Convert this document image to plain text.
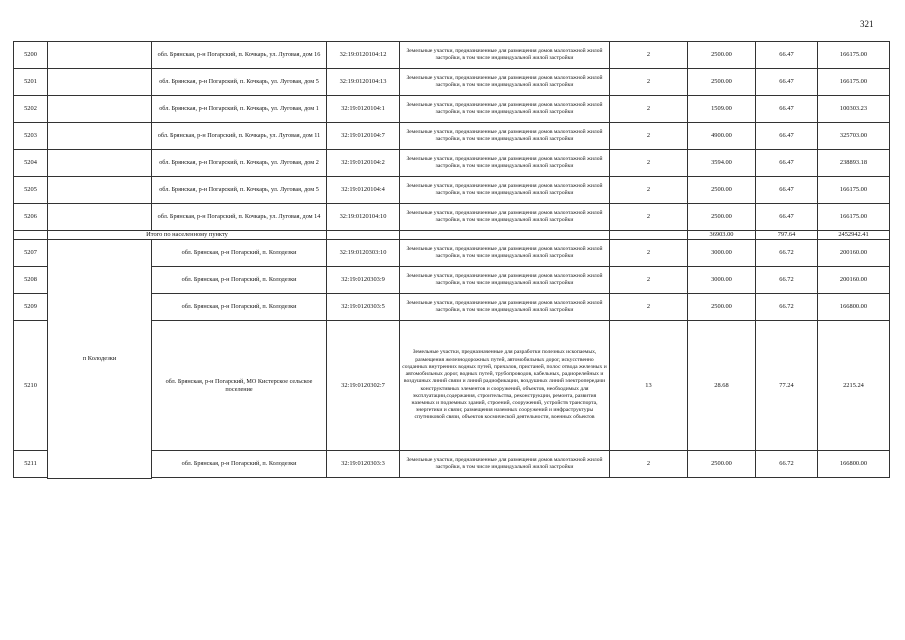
321
5200		обл. Брянская, р-н Погарский, п. Кочкарь, ул. Луговая, дом 16	32:19:0120104:12	Земельные участки, предназначенные для размещения домов малоэтажной жилой застройки, в том числе индивидуальной жилой застройки	2	2500.00	66.47	166175.00
5201		обл. Брянская, р-н Погарский, п. Кочкарь, ул. Луговая, дом 5	32:19:0120104:13	Земельные участки, предназначенные для размещения домов малоэтажной жилой застройки, в том числе индивидуальной жилой застройки	2	2500.00	66.47	166175.00
5202		обл. Брянская, р-н Погарский, п. Кочкарь, ул. Луговая, дом 1	32:19:0120104:1	Земельные участки, предназначенные для размещения домов малоэтажной жилой застройки, в том числе индивидуальной жилой застройки	2	1509.00	66.47	100303.23
5203		обл. Брянская, р-н Погарский, п. Кочкарь, ул. Луговая, дом 11	32:19:0120104:7	Земельные участки, предназначенные для размещения домов малоэтажной жилой застройки, в том числе индивидуальной жилой застройки	2	4900.00	66.47	325703.00
5204		обл. Брянская, р-н Погарский, п. Кочкарь, ул. Луговая, дом 2	32:19:0120104:2	Земельные участки, предназначенные для размещения домов малоэтажной жилой застройки, в том числе индивидуальной жилой застройки	2	3594.00	66.47	238893.18
5205		обл. Брянская, р-н Погарский, п. Кочкарь, ул. Луговая, дом 5	32:19:0120104:4	Земельные участки, предназначенные для размещения домов малоэтажной жилой застройки, в том числе индивидуальной жилой застройки	2	2500.00	66.47	166175.00
5206		обл. Брянская, р-н Погарский, п. Кочкарь, ул. Луговая, дом 14	32:19:0120104:10	Земельные участки, предназначенные для размещения домов малоэтажной жилой застройки, в том числе индивидуальной жилой застройки	2	2500.00	66.47	166175.00
	Итого по населенному пункту					36903.00	797.64	2452942.41
5207	п Колодезки	обл. Брянская, р-н Погарский, п. Колодезки	32:19:0120303:10	Земельные участки, предназначенные для размещения домов малоэтажной жилой застройки, в том числе индивидуальной жилой застройки	2	3000.00	66.72	200160.00
5208		обл. Брянская, р-н Погарский, п. Колодезки	32:19:0120303:9	Земельные участки, предназначенные для размещения домов малоэтажной жилой застройки, в том числе индивидуальной жилой застройки	2	3000.00	66.72	200160.00
5209		обл. Брянская, р-н Погарский, п. Колодезки	32:19:0120303:5	Земельные участки, предназначенные для размещения домов малоэтажной жилой застройки, в том числе индивидуальной жилой застройки	2	2500.00	66.72	166800.00
5210		обл. Брянская, р-н Погарский, МО Кистерское сельское поселение	32:19:0120302:7	Земельные участки, предназначенные для разработки полезных ископаемых, размещения железнодорожных путей, автомобильных дорог, искусственно созданных внутренних водных путей, причалов, пристаней, полос отвода железных и автомобильных дорог, водных путей, трубопроводов, кабельных, радиорелейных и воздушных линий связи и линий радиофикации, воздушных линий электропередачи конструктивных элементов и сооружений, объектов, необходимых для эксплуатации,содержания, строительства, реконструкции, ремонта, развития наземных и подземных зданий, строений, сооружений, устройств транспорта, энергетики и связи; размещения наземных сооружений и инфраструктуры спутниковой связи, объектов космической деятельности, военных объектов	13	28.68	77.24	2215.24
5211		обл. Брянская, р-н Погарский, п. Колодезки	32:19:0120303:3	Земельные участки, предназначенные для размещения домов малоэтажной жилой застройки, в том числе индивидуальной жилой застройки	2	2500.00	66.72	166800.00
